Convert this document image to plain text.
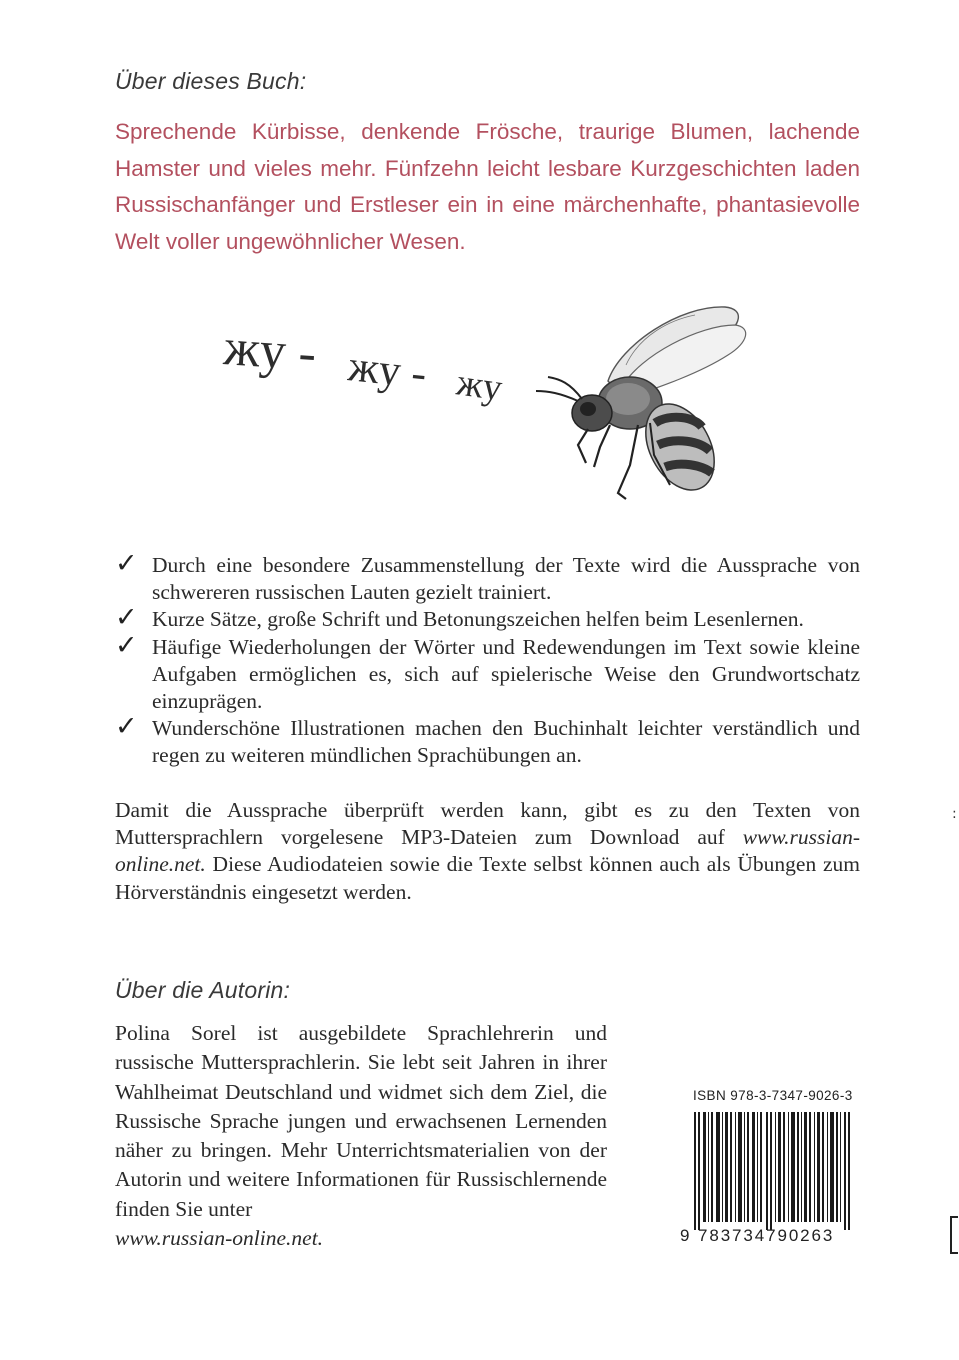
Über dieses Buch:
Sprechende Kürbisse, denkende Frösche, traurige Blumen, lachende Hamster und vieles mehr. Fünfzehn leicht lesbare Kurzgeschichten laden Russischanfänger und Erstleser ein in eine märchenhafte, phantasievolle Welt voller ungewöhnlicher Wesen.
жу - жу - жу
✓ Durch eine besondere Zusammenstellung der Texte wird die Aussprache von schwereren russischen Lauten gezielt trainiert.
✓ Kurze Sätze, große Schrift und Betonungszeichen helfen beim Lesenlernen.
✓ Häufige Wiederholungen der Wörter und Redewendungen im Text sowie kleine Aufgaben ermöglichen es, sich auf spielerische Weise den Grundwortschatz einzuprägen.
✓ Wunderschöne Illustrationen machen den Buchinhalt leichter verständlich und regen zu weiteren mündlichen Sprachübungen an.
Damit die Aussprache überprüft werden kann, gibt es zu den Texten von Muttersprachlern vorgelesene MP3-Dateien zum Download auf www.russian-online.net. Diese Audiodateien sowie die Texte selbst können auch als Übungen zum Hörverständnis eingesetzt werden.
:
Über die Autorin:
Polina Sorel ist ausgebildete Sprachlehrerin und russische Muttersprachlerin. Sie lebt seit Jahren in ihrer Wahlheimat Deutschland und widmet sich dem Ziel, die Russische Sprache jungen und erwachsenen Lernenden näher zu bringen. Mehr Unterrichtsmaterialien von der Autorin und weitere Informationen für Russischlernende finden Sie unter
www.russian-online.net.
ISBN 978-3-7347-9026-3
9 783734790263
